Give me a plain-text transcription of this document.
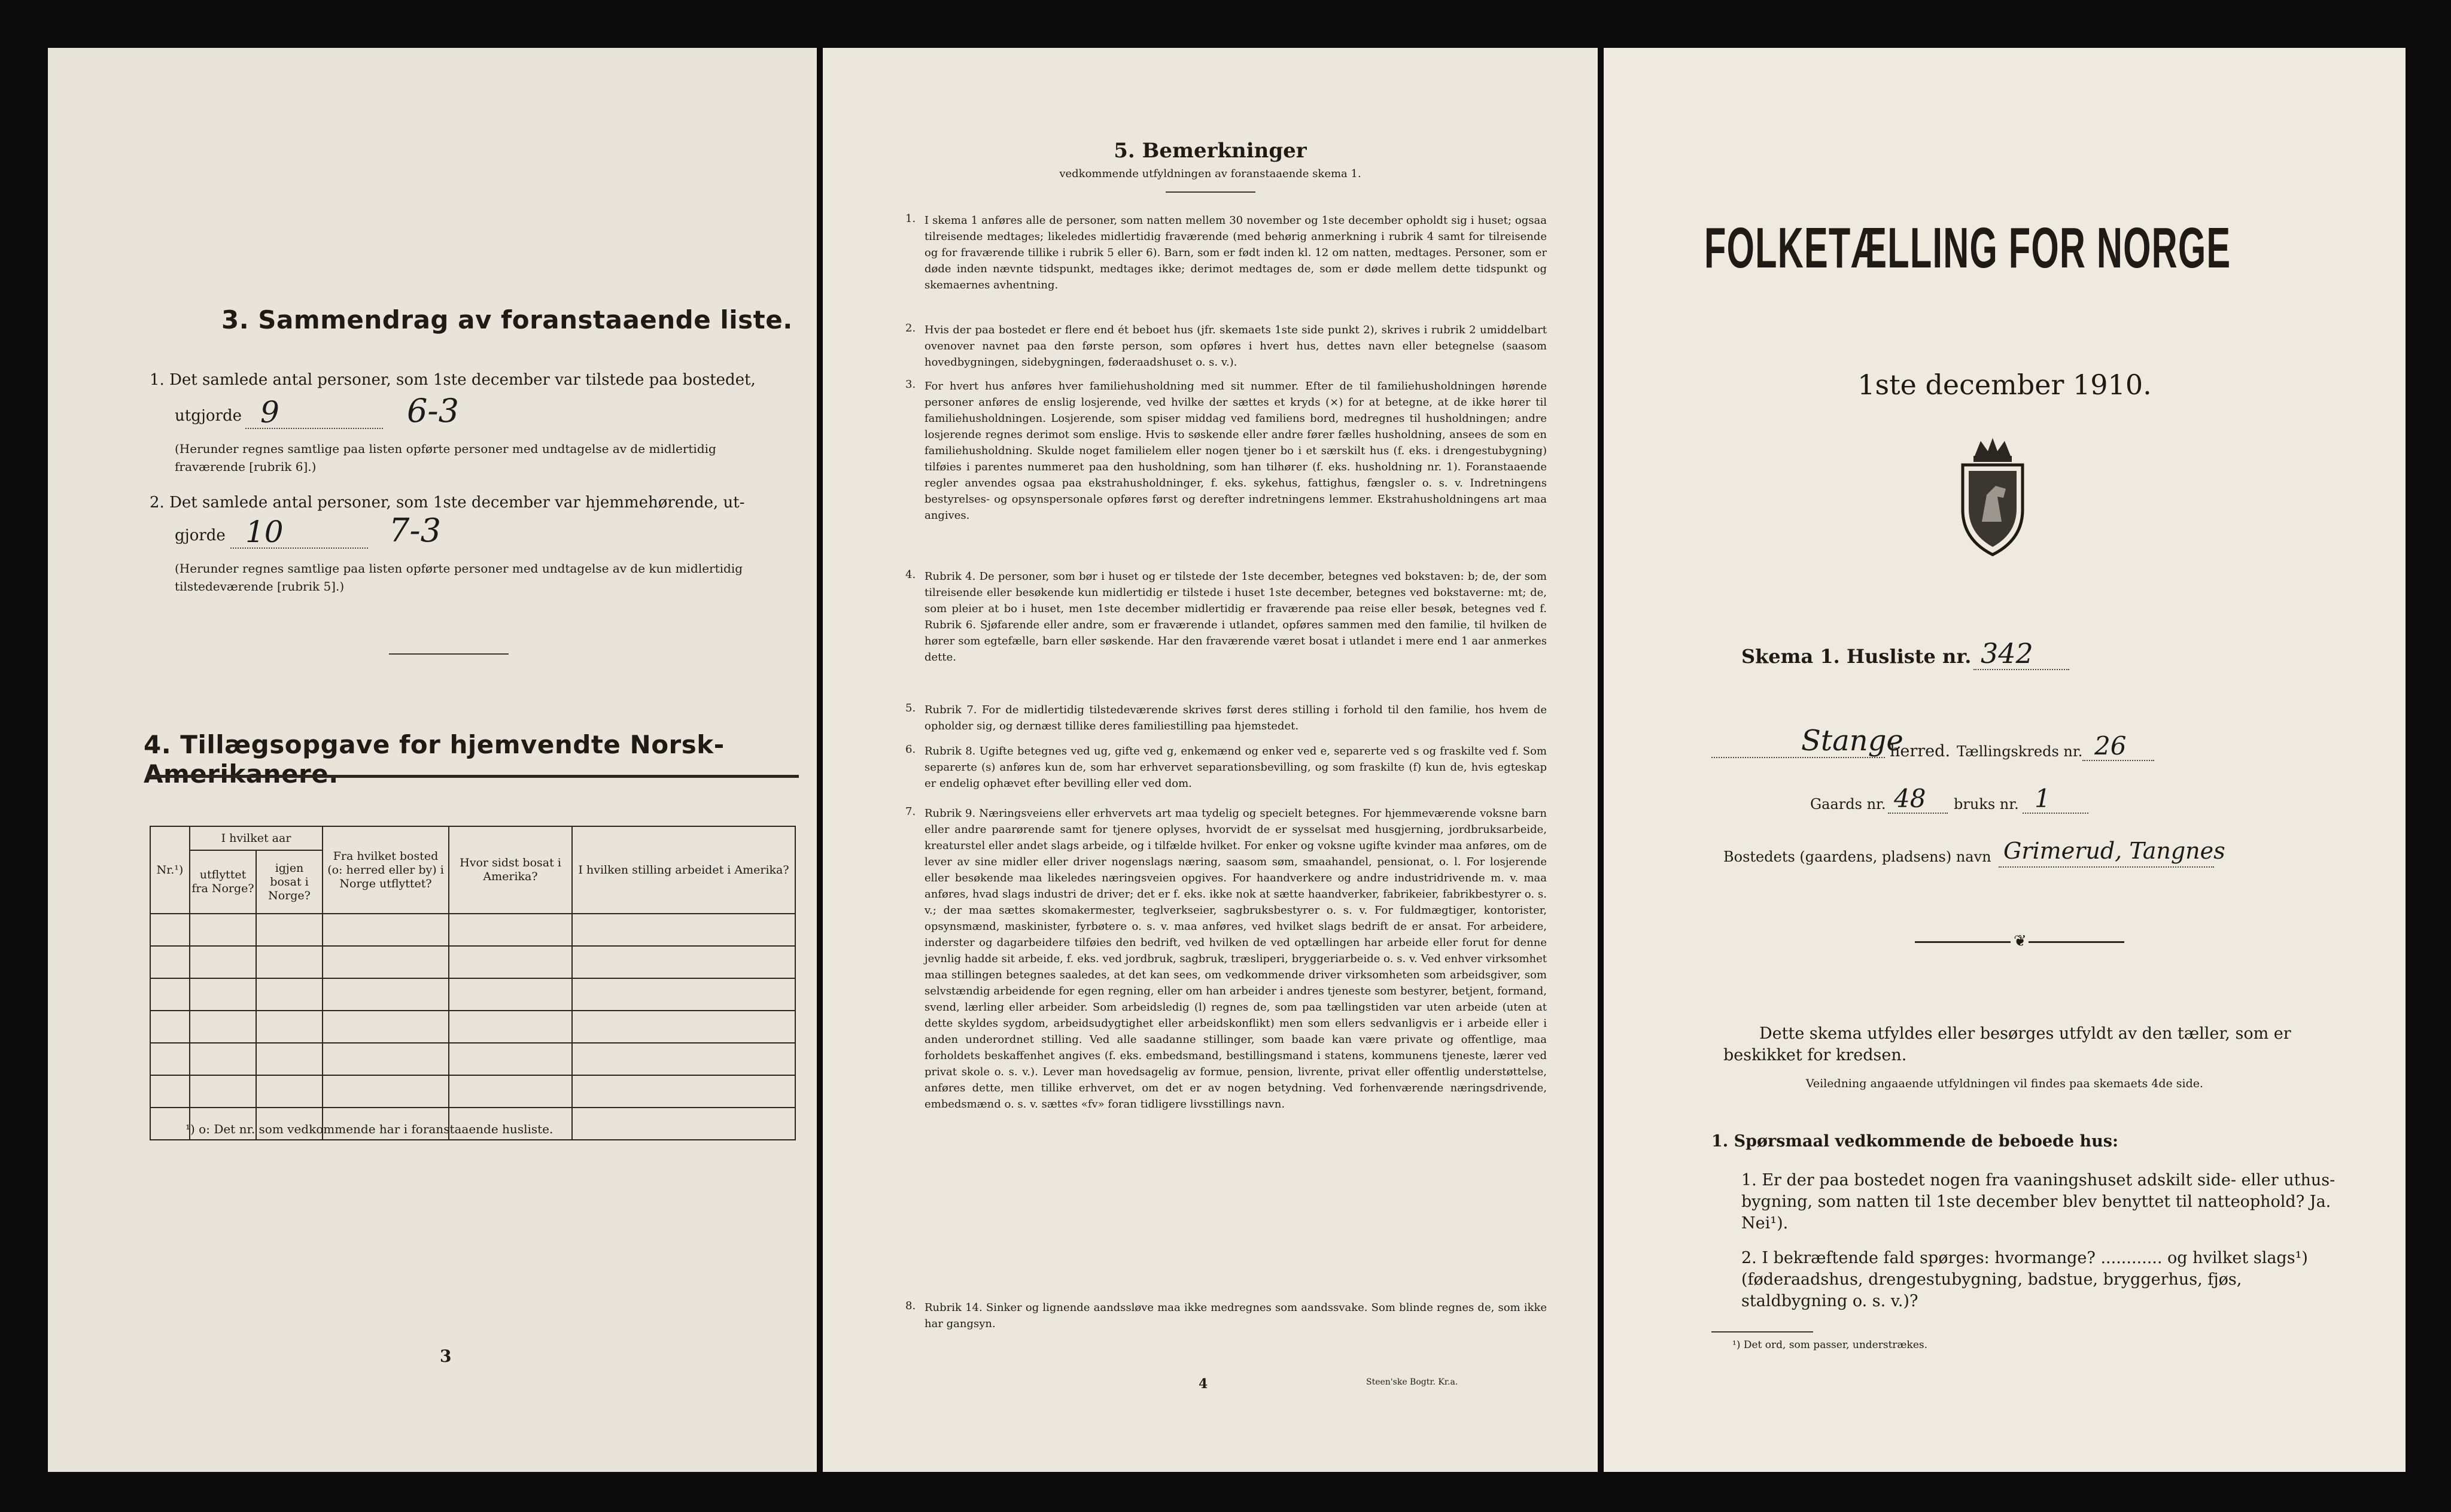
3. Sammendrag av foranstaaende liste.
1. Det samlede antal personer, som 1ste december var tilstede paa bostedet,
utgjorde 9	6-3
(Herunder regnes samtlige paa listen opførte personer med undtagelse av de midlertidig fraværende [rubrik 6].)
2. Det samlede antal personer, som 1ste december var hjemmehørende, ut-
gjorde 10	7-3
(Herunder regnes samtlige paa listen opførte personer med undtagelse av de kun midlertidig tilstedeværende [rubrik 5].)
4. Tillægsopgave for hjemvendte Norsk-Amerikanere.
Nr.¹)	I hvilket aar		Fra hvilket bosted (o: herred eller by) i Norge utflyttet?	Hvor sidst bosat i Amerika?	I hvilken stilling arbeidet i Amerika?
	utflyttet fra Norge?	igjen bosat i Norge?			

¹) o: Det nr. som vedkommende har i foranstaaende husliste.
3
5. Bemerkninger
vedkommende utfyldningen av foranstaaende skema 1.
1. I skema 1 anføres alle de personer, som natten mellem 30 november og 1ste december opholdt sig i huset; ogsaa tilreisende medtages; likeledes midlertidig fraværende (med behørig anmerkning i rubrik 4 samt for tilreisende og for fraværende tillike i rubrik 5 eller 6). Barn, som er født inden kl. 12 om natten, medtages. Personer, som er døde inden nævnte tidspunkt, medtages ikke; derimot medtages de, som er døde mellem dette tidspunkt og skemaernes avhentning.
2. Hvis der paa bostedet er flere end ét beboet hus (jfr. skemaets 1ste side punkt 2), skrives i rubrik 2 umiddelbart ovenover navnet paa den første person, som opføres i hvert hus, dettes navn eller betegnelse (saasom hovedbygningen, sidebygningen, føderaadshuset o. s. v.).
3. For hvert hus anføres hver familiehusholdning med sit nummer. Efter de til familiehusholdningen hørende personer anføres de enslig losjerende, ved hvilke der sættes et kryds (×) for at betegne, at de ikke hører til familiehusholdningen. Losjerende, som spiser middag ved familiens bord, medregnes til husholdningen; andre losjerende regnes derimot som enslige. Hvis to søskende eller andre fører fælles husholdning, ansees de som en familiehusholdning. Skulde noget familielem eller nogen tjener bo i et særskilt hus (f. eks. i drengestubygning) tilføies i parentes nummeret paa den husholdning, som han tilhører (f. eks. husholdning nr. 1). Foranstaaende regler anvendes ogsaa paa ekstrahusholdninger, f. eks. sykehus, fattighus, fængsler o. s. v. Indretningens bestyrelses- og opsynspersonale opføres først og derefter indretningens lemmer. Ekstrahusholdningens art maa angives.
4. Rubrik 4. De personer, som bør i huset og er tilstede der 1ste december, betegnes ved bokstaven: b; de, der som tilreisende eller besøkende kun midlertidig er tilstede i huset 1ste december, betegnes ved bokstaverne: mt; de, som pleier at bo i huset, men 1ste december midlertidig er fraværende paa reise eller besøk, betegnes ved f. Rubrik 6. Sjøfarende eller andre, som er fraværende i utlandet, opføres sammen med den familie, til hvilken de hører som egtefælle, barn eller søskende. Har den fraværende været bosat i utlandet i mere end 1 aar anmerkes dette.
5. Rubrik 7. For de midlertidig tilstedeværende skrives først deres stilling i forhold til den familie, hos hvem de opholder sig, og dernæst tillike deres familiestilling paa hjemstedet.
6. Rubrik 8. Ugifte betegnes ved ug, gifte ved g, enkemænd og enker ved e, separerte ved s og fraskilte ved f. Som separerte (s) anføres kun de, som har erhvervet separationsbevilling, og som fraskilte (f) kun de, hvis egteskap er endelig ophævet efter bevilling eller ved dom.
7. Rubrik 9. Næringsveiens eller erhvervets art maa tydelig og specielt betegnes. For hjemmeværende voksne barn eller andre paarørende samt for tjenere oplyses, hvorvidt de er sysselsat med husgjerning, jordbruksarbeide, kreaturstel eller andet slags arbeide, og i tilfælde hvilket. For enker og voksne ugifte kvinder maa anføres, om de lever av sine midler eller driver nogenslags næring, saasom søm, smaahandel, pensionat, o. l. For losjerende eller besøkende maa likeledes næringsveien opgives. For haandverkere og andre industridrivende m. v. maa anføres, hvad slags industri de driver; det er f. eks. ikke nok at sætte haandverker, fabrikeier, fabrikbestyrer o. s. v.; der maa sættes skomakermester, teglverkseier, sagbruksbestyrer o. s. v. For fuldmægtiger, kontorister, opsynsmænd, maskinister, fyrbøtere o. s. v. maa anføres, ved hvilket slags bedrift de er ansat. For arbeidere, inderster og dagarbeidere tilføies den bedrift, ved hvilken de ved optællingen har arbeide eller forut for denne jevnlig hadde sit arbeide, f. eks. ved jordbruk, sagbruk, træsliperi, bryggeriarbeide o. s. v. Ved enhver virksomhet maa stillingen betegnes saaledes, at det kan sees, om vedkommende driver virksomheten som arbeidsgiver, som selvstændig arbeidende for egen regning, eller om han arbeider i andres tjeneste som bestyrer, betjent, formand, svend, lærling eller arbeider. Som arbeidsledig (l) regnes de, som paa tællingstiden var uten arbeide (uten at dette skyldes sygdom, arbeidsudygtighet eller arbeidskonflikt) men som ellers sedvanligvis er i arbeide eller i anden underordnet stilling. Ved alle saadanne stillinger, som baade kan være private og offentlige, maa forholdets beskaffenhet angives (f. eks. embedsmand, bestillingsmand i statens, kommunens tjeneste, lærer ved privat skole o. s. v.). Lever man hovedsagelig av formue, pension, livrente, privat eller offentlig understøttelse, anføres dette, men tillike erhvervet, om det er av nogen betydning. Ved forhenværende næringsdrivende, embedsmænd o. s. v. sættes «fv» foran tidligere livsstillings navn.
8. Rubrik 14. Sinker og lignende aandssløve maa ikke medregnes som aandssvake. Som blinde regnes de, som ikke har gangsyn.
4	Steen'ske Bogtr. Kr.a.
FOLKETÆLLING FOR NORGE
1ste december 1910.
Skema 1. Husliste nr. 342
Stange
herred. Tællingskreds nr. 26
Gaards nr. 48 bruks nr. 1
Bostedets (gaardens, pladsens) navn Grimerud, Tangnes
❦
Dette skema utfyldes eller besørges utfyldt av den tæller, som er beskikket for kredsen.
Veiledning angaaende utfyldningen vil findes paa skemaets 4de side.
1. Spørsmaal vedkommende de beboede hus:
1. Er der paa bostedet nogen fra vaaningshuset adskilt side- eller uthus-bygning, som natten til 1ste december blev benyttet til natteophold? Ja. Nei¹).
2. I bekræftende fald spørges: hvormange? ............ og hvilket slags¹) (føderaadshus, drengestubygning, badstue, bryggerhus, fjøs, staldbygning o. s. v.)?
¹) Det ord, som passer, understrækes.
